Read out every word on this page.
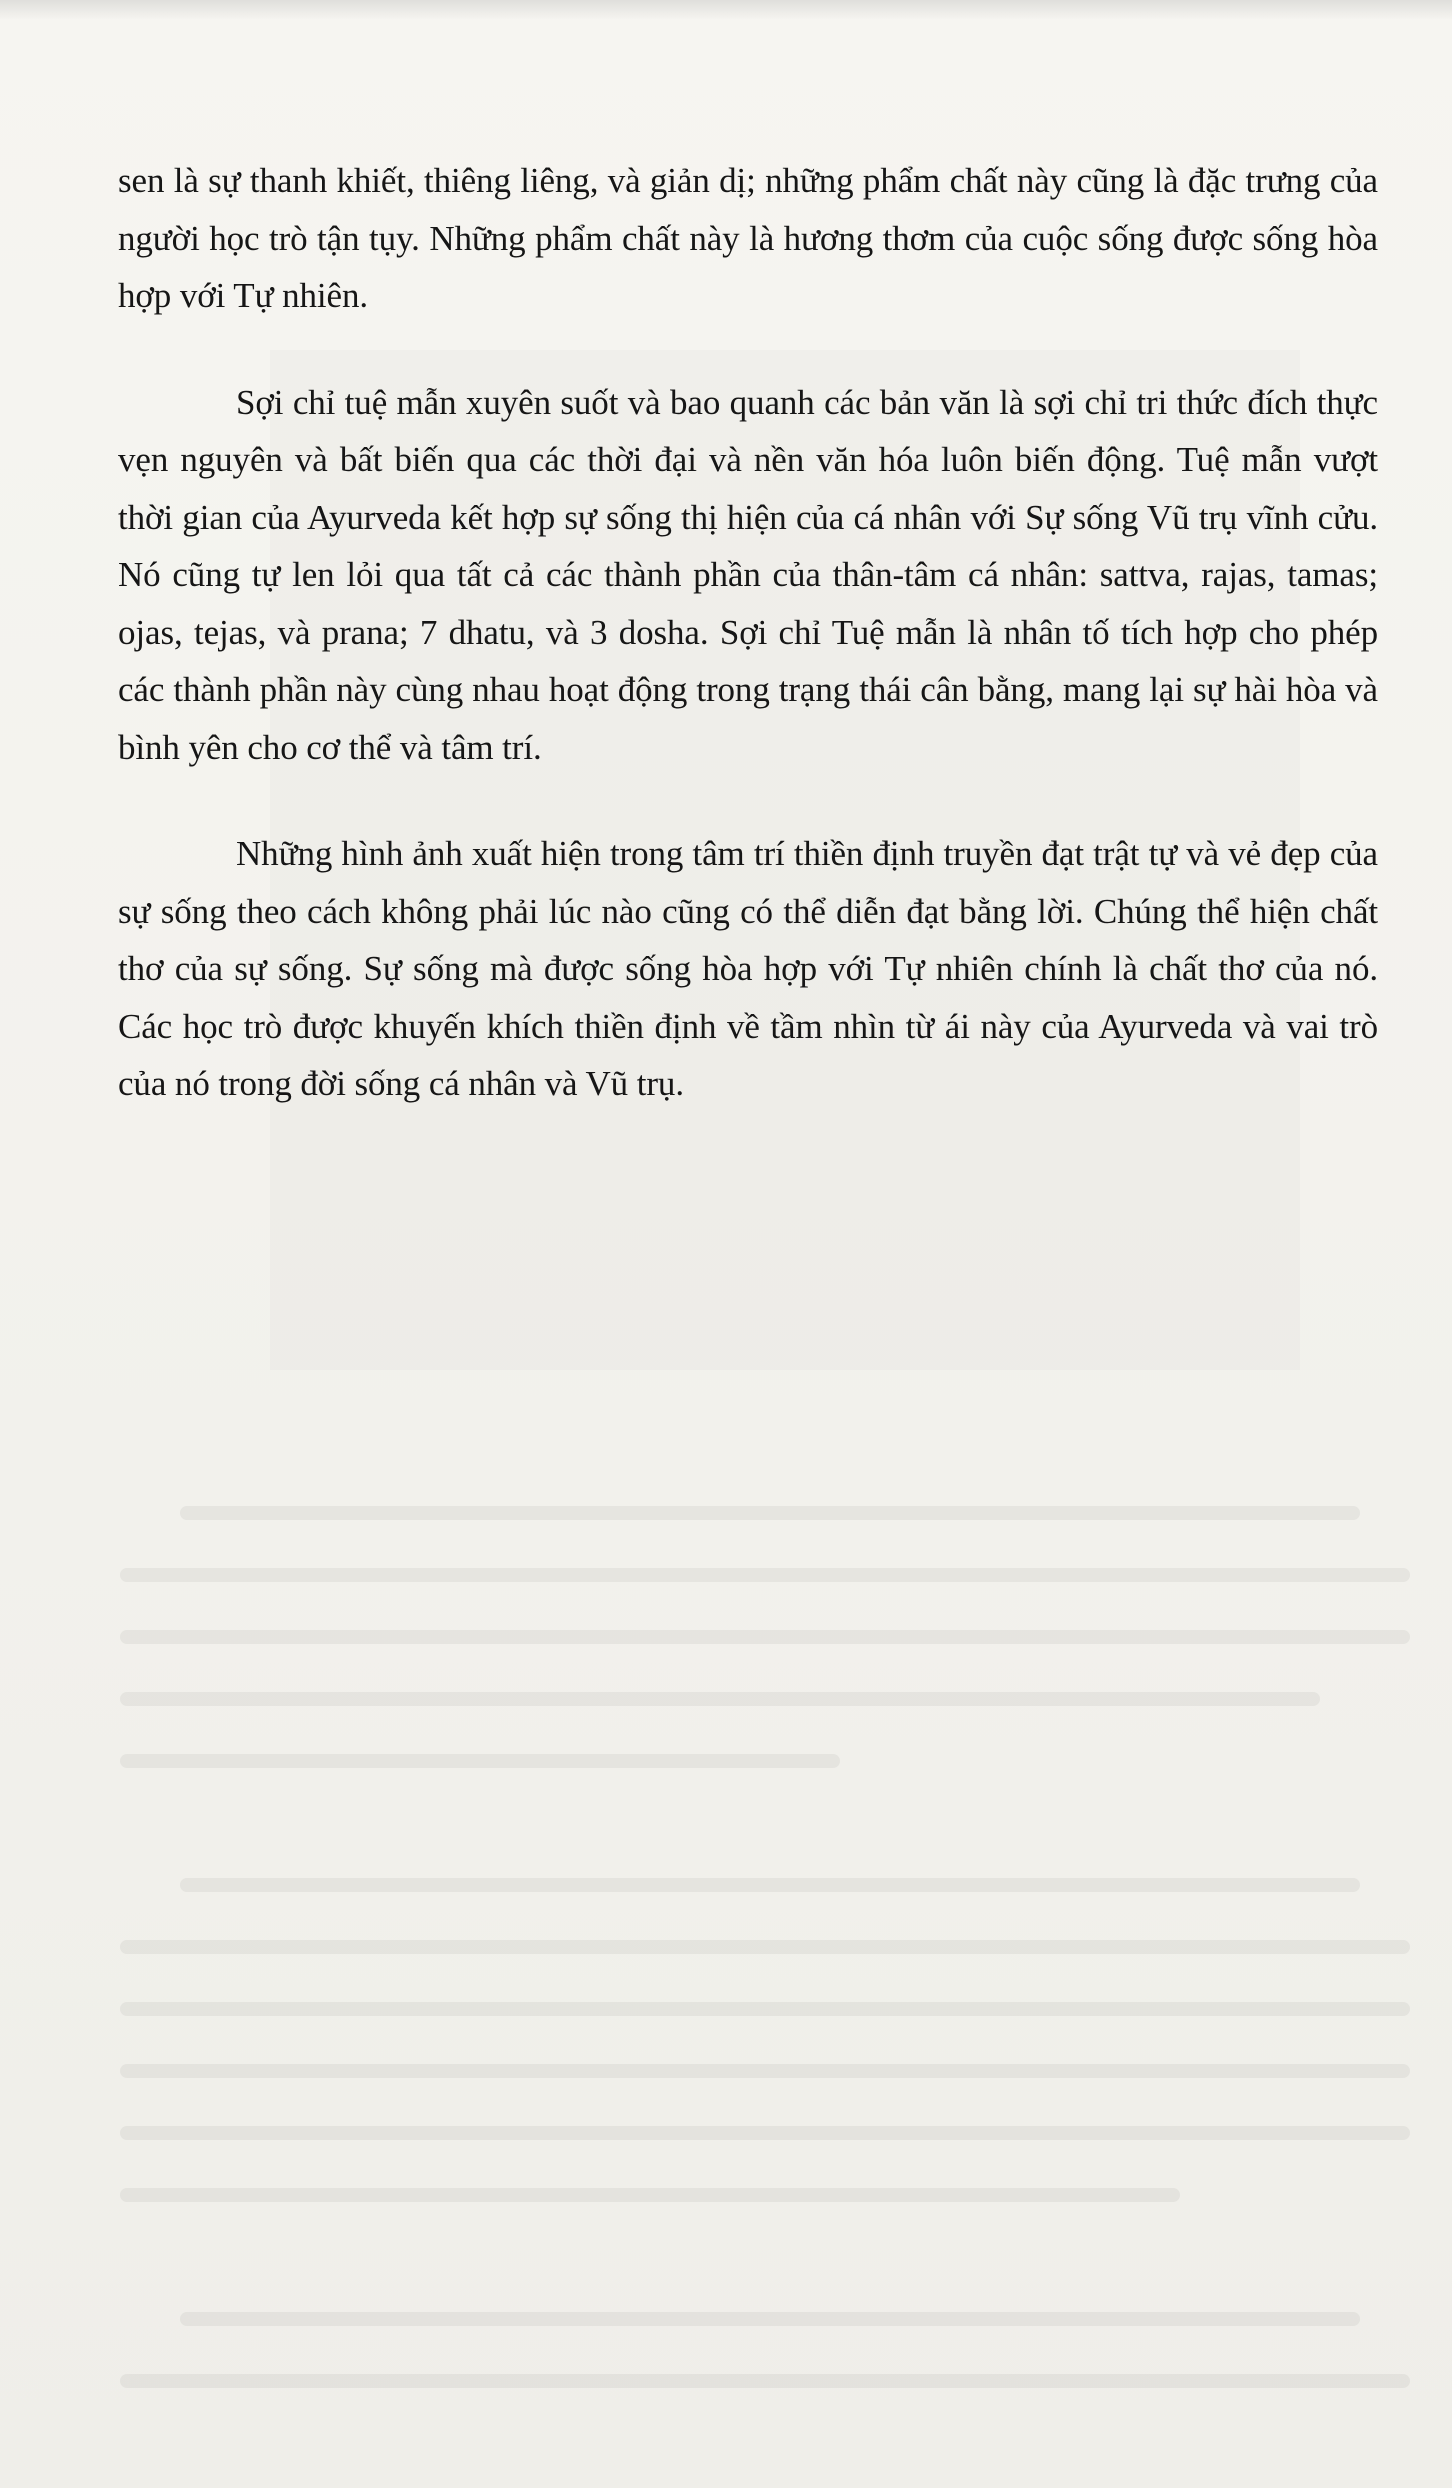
sen là sự thanh khiết, thiêng liêng, và giản dị; những phẩm chất này cũng là đặc trưng của người học trò tận tụy. Những phẩm chất này là hương thơm của cuộc sống được sống hòa hợp với Tự nhiên.

Sợi chỉ tuệ mẫn xuyên suốt và bao quanh các bản văn là sợi chỉ tri thức đích thực vẹn nguyên và bất biến qua các thời đại và nền văn hóa luôn biến động. Tuệ mẫn vượt thời gian của Ayurveda kết hợp sự sống thị hiện của cá nhân với Sự sống Vũ trụ vĩnh cửu. Nó cũng tự len lỏi qua tất cả các thành phần của thân-tâm cá nhân: sattva, rajas, tamas; ojas, tejas, và prana; 7 dhatu, và 3 dosha. Sợi chỉ Tuệ mẫn là nhân tố tích hợp cho phép các thành phần này cùng nhau hoạt động trong trạng thái cân bằng, mang lại sự hài hòa và bình yên cho cơ thể và tâm trí.

Những hình ảnh xuất hiện trong tâm trí thiền định truyền đạt trật tự và vẻ đẹp của sự sống theo cách không phải lúc nào cũng có thể diễn đạt bằng lời. Chúng thể hiện chất thơ của sự sống. Sự sống mà được sống hòa hợp với Tự nhiên chính là chất thơ của nó. Các học trò được khuyến khích thiền định về tầm nhìn từ ái này của Ayurveda và vai trò của nó trong đời sống cá nhân và Vũ trụ.
